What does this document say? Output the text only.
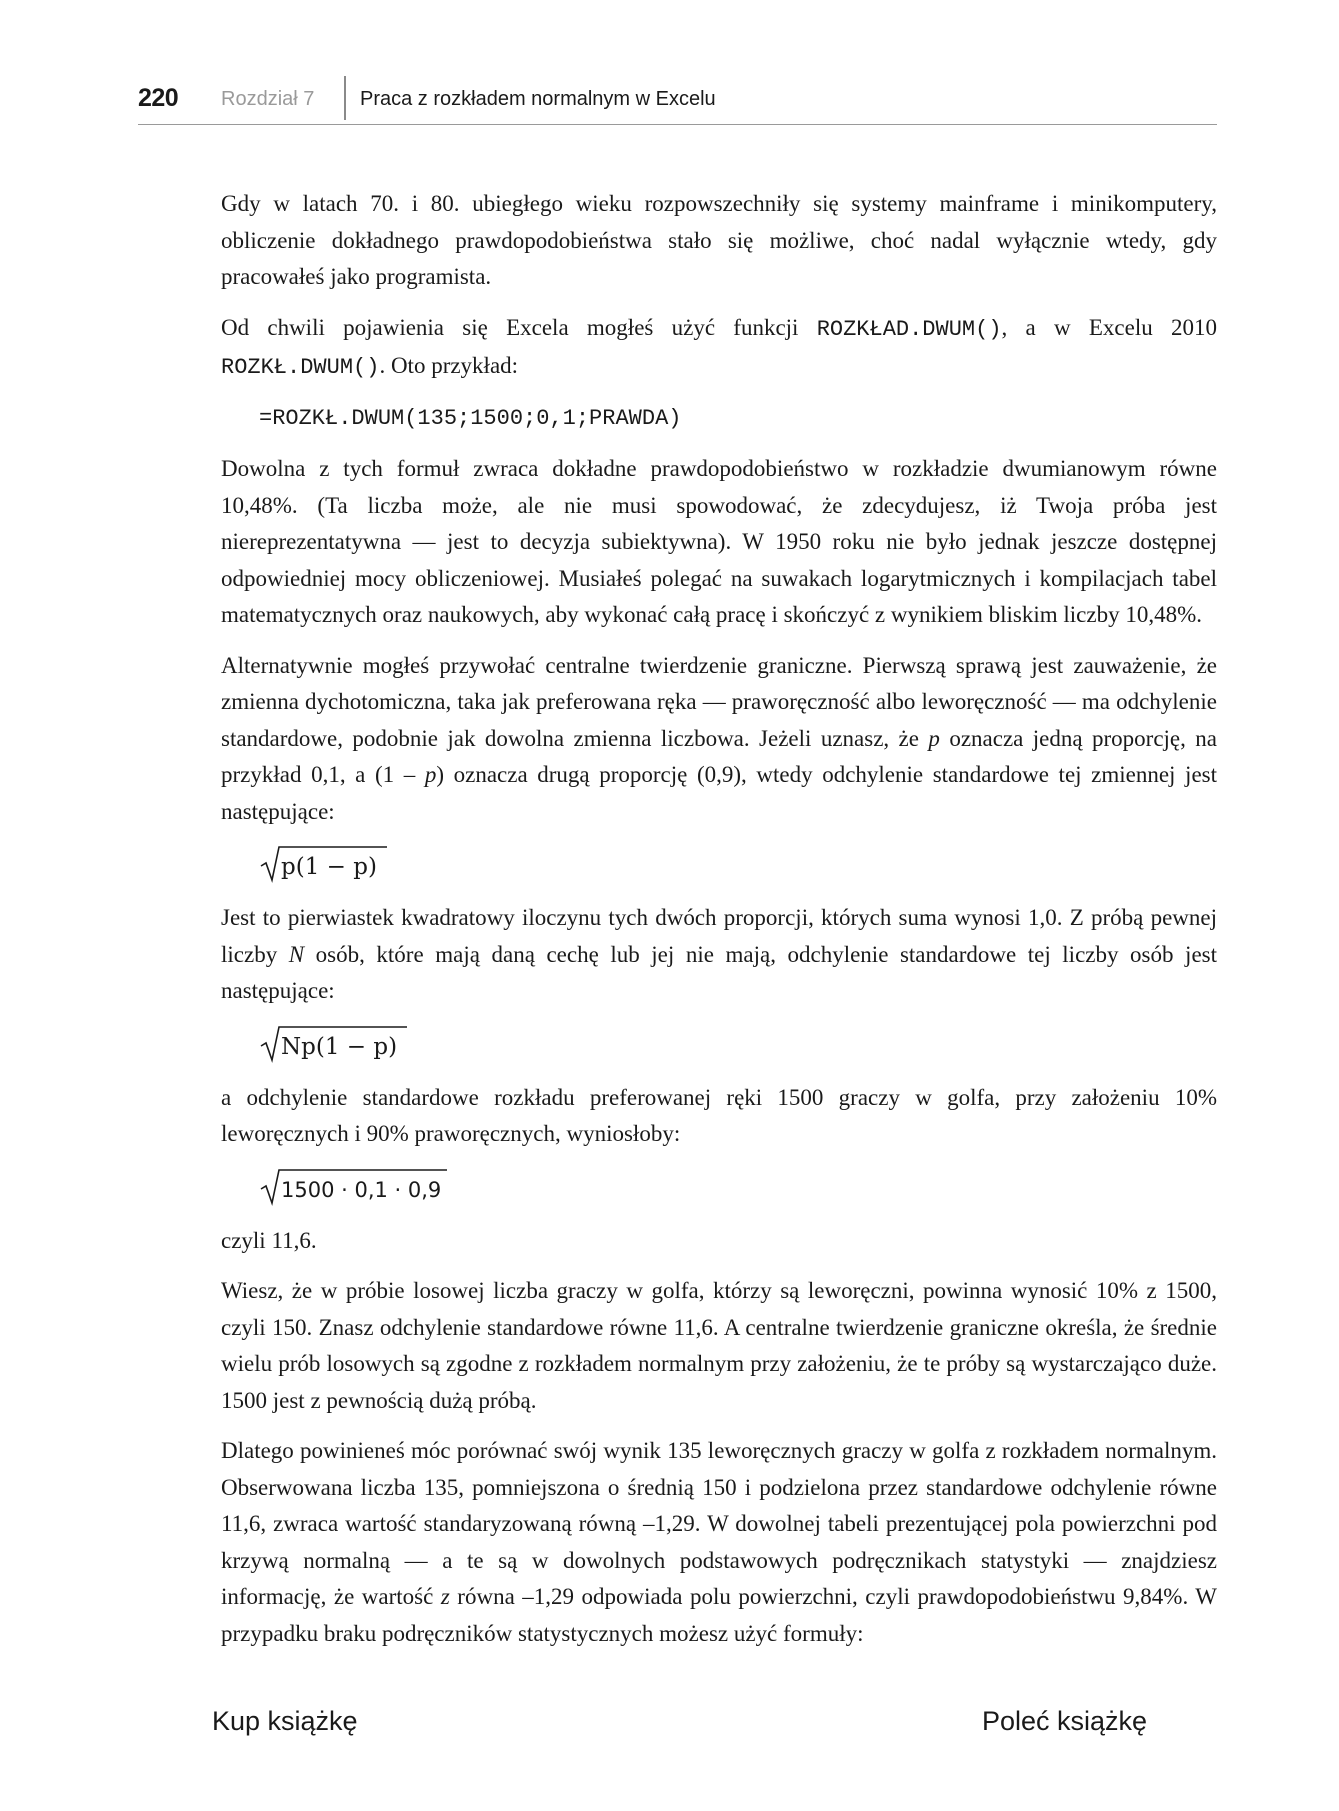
220 Rozdział 7 Praca z rozkładem normalnym w Excelu

Gdy w latach 70. i 80. ubiegłego wieku rozpowszechniły się systemy mainframe i minikomputery, obliczenie dokładnego prawdopodobieństwa stało się możliwe, choć nadal wyłącznie wtedy, gdy pracowałeś jako programista.

Od chwili pojawienia się Excela mogłeś użyć funkcji ROZKŁAD.DWUM(), a w Excelu 2010 ROZKŁ.DWUM(). Oto przykład:

=ROZKŁ.DWUM(135;1500;0,1;PRAWDA)

Dowolna z tych formuł zwraca dokładne prawdopodobieństwo w rozkładzie dwumianowym równe 10,48%. (Ta liczba może, ale nie musi spowodować, że zdecydujesz, iż Twoja próba jest niereprezentatywna — jest to decyzja subiektywna). W 1950 roku nie było jednak jeszcze dostępnej odpowiedniej mocy obliczeniowej. Musiałeś polegać na suwakach logarytmicznych i kompilacjach tabel matematycznych oraz naukowych, aby wykonać całą pracę i skończyć z wynikiem bliskim liczby 10,48%.

Alternatywnie mogłeś przywołać centralne twierdzenie graniczne. Pierwszą sprawą jest zauważenie, że zmienna dychotomiczna, taka jak preferowana ręka — praworęczność albo leworęczność — ma odchylenie standardowe, podobnie jak dowolna zmienna liczbowa. Jeżeli uznasz, że p oznacza jedną proporcję, na przykład 0,1, a (1 – p) oznacza drugą proporcję (0,9), wtedy odchylenie standardowe tej zmiennej jest następujące:

p(1 − p)

Jest to pierwiastek kwadratowy iloczynu tych dwóch proporcji, których suma wynosi 1,0. Z próbą pewnej liczby N osób, które mają daną cechę lub jej nie mają, odchylenie standardowe tej liczby osób jest następujące:

Np(1 − p)

a odchylenie standardowe rozkładu preferowanej ręki 1500 graczy w golfa, przy założeniu 10% leworęcznych i 90% praworęcznych, wyniosłoby:

1500 · 0,1 · 0,9

czyli 11,6.

Wiesz, że w próbie losowej liczba graczy w golfa, którzy są leworęczni, powinna wynosić 10% z 1500, czyli 150. Znasz odchylenie standardowe równe 11,6. A centralne twierdzenie graniczne określa, że średnie wielu prób losowych są zgodne z rozkładem normalnym przy założeniu, że te próby są wystarczająco duże. 1500 jest z pewnością dużą próbą.

Dlatego powinieneś móc porównać swój wynik 135 leworęcznych graczy w golfa z rozkładem normalnym. Obserwowana liczba 135, pomniejszona o średnią 150 i podzielona przez standardowe odchylenie równe 11,6, zwraca wartość standaryzowaną równą –1,29. W dowolnej tabeli prezentującej pola powierzchni pod krzywą normalną — a te są w dowolnych podstawowych podręcznikach statystyki — znajdziesz informację, że wartość z równa –1,29 odpowiada polu powierzchni, czyli prawdopodobieństwu 9,84%. W przypadku braku podręczników statystycznych możesz użyć formuły:

Kup książkę	Poleć książkę
